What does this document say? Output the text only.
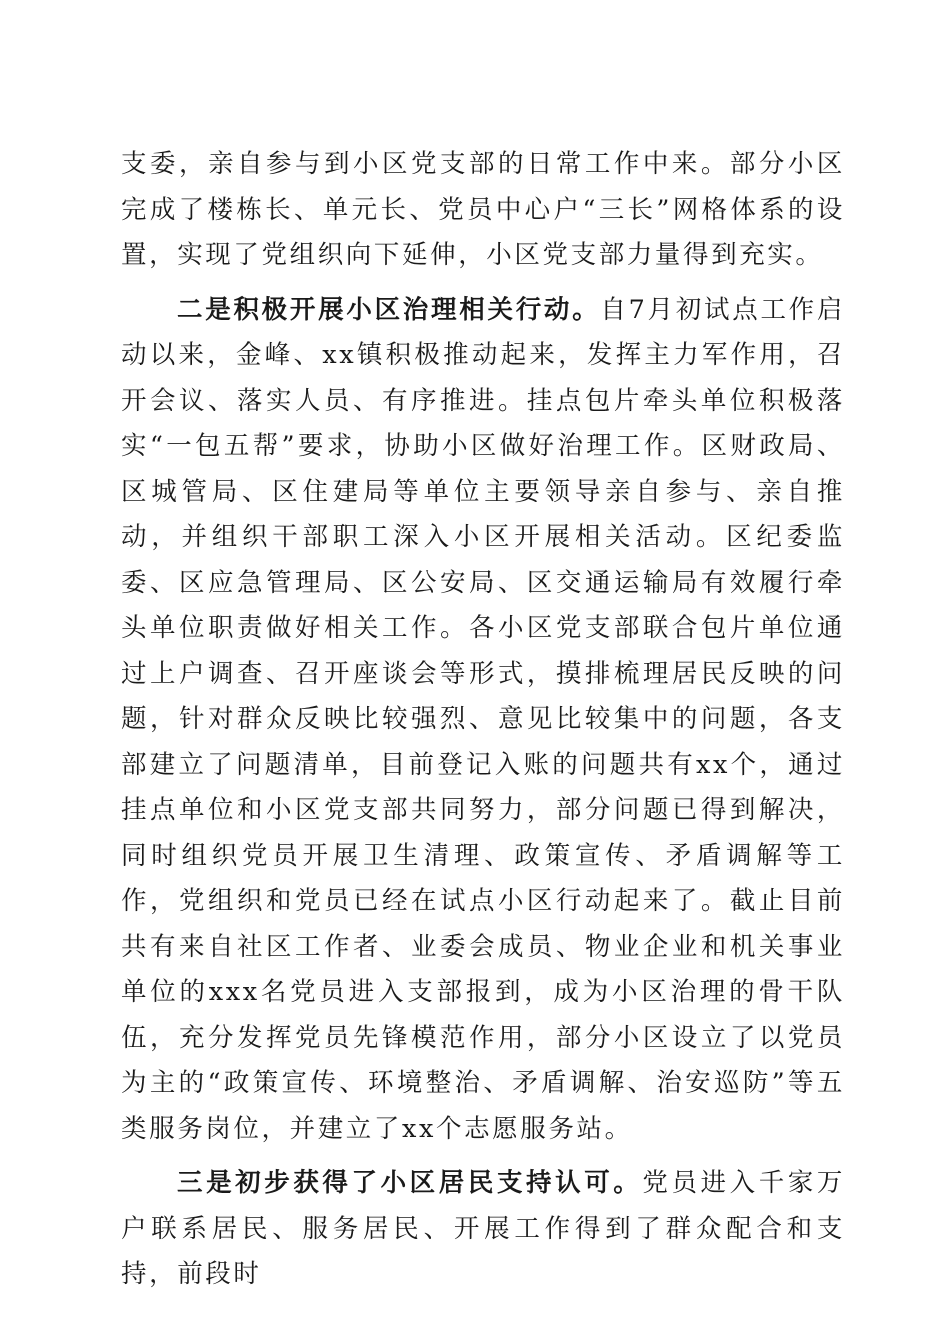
支委，亲自参与到小区党支部的日常工作中来。部分小区完成了楼栋长、单元长、党员中心户“三长”网格体系的设置，实现了党组织向下延伸，小区党支部力量得到充实。

二是积极开展小区治理相关行动。自7月初试点工作启动以来，金峰、xx镇积极推动起来，发挥主力军作用，召开会议、落实人员、有序推进。挂点包片牵头单位积极落实“一包五帮”要求，协助小区做好治理工作。区财政局、区城管局、区住建局等单位主要领导亲自参与、亲自推动，并组织干部职工深入小区开展相关活动。区纪委监委、区应急管理局、区公安局、区交通运输局有效履行牵头单位职责做好相关工作。各小区党支部联合包片单位通过上户调查、召开座谈会等形式，摸排梳理居民反映的问题，针对群众反映比较强烈、意见比较集中的问题，各支部建立了问题清单，目前登记入账的问题共有xx个，通过挂点单位和小区党支部共同努力，部分问题已得到解决，同时组织党员开展卫生清理、政策宣传、矛盾调解等工作，党组织和党员已经在试点小区行动起来了。截止目前共有来自社区工作者、业委会成员、物业企业和机关事业单位的xxx名党员进入支部报到，成为小区治理的骨干队伍，充分发挥党员先锋模范作用，部分小区设立了以党员为主的“政策宣传、环境整治、矛盾调解、治安巡防”等五类服务岗位，并建立了xx个志愿服务站。

三是初步获得了小区居民支持认可。党员进入千家万户联系居民、服务居民、开展工作得到了群众配合和支持，前段时
